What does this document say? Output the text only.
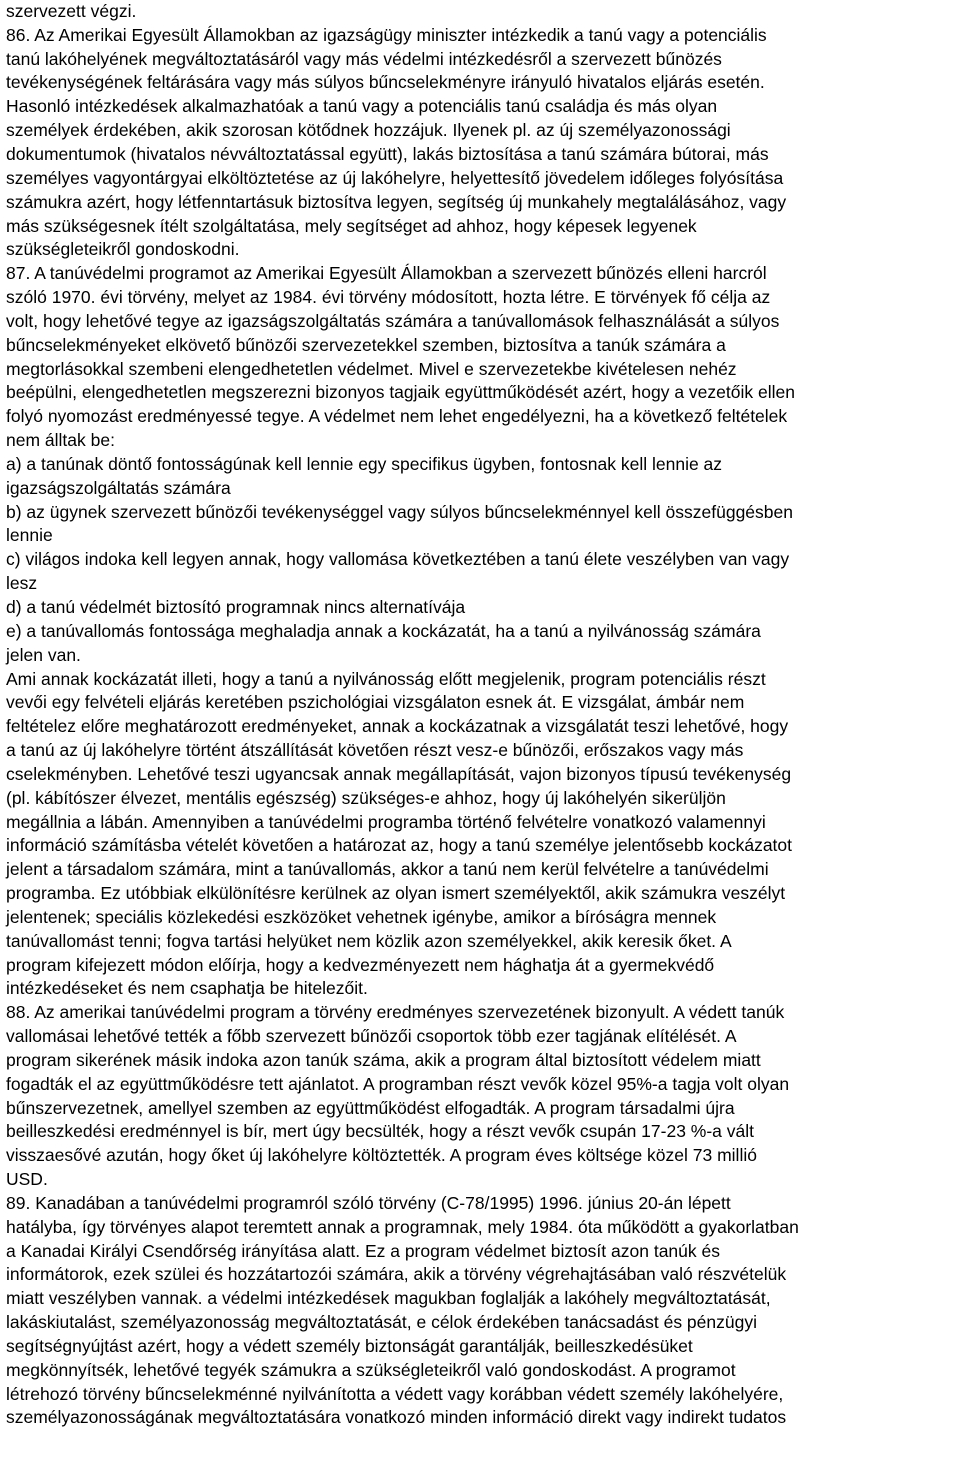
szervezett végzi.
86. Az Amerikai Egyesült Államokban az igazságügy miniszter intézkedik a tanú vagy a potenciális
tanú lakóhelyének megváltoztatásáról vagy más védelmi intézkedésről a szervezett bűnözés
tevékenységének feltárására vagy más súlyos bűncselekményre irányuló hivatalos eljárás esetén.
Hasonló intézkedések alkalmazhatóak a tanú vagy a potenciális tanú családja és más olyan
személyek érdekében, akik szorosan kötődnek hozzájuk. Ilyenek pl. az új személyazonossági
dokumentumok (hivatalos névváltoztatással együtt), lakás biztosítása a tanú számára bútorai, más
személyes vagyontárgyai elköltöztetése az új lakóhelyre, helyettesítő jövedelem időleges folyósítása
számukra azért, hogy létfenntartásuk biztosítva legyen, segítség új munkahely megtalálásához, vagy
más szükségesnek ítélt szolgáltatása, mely segítséget ad ahhoz, hogy képesek legyenek
szükségleteikről gondoskodni.
87. A tanúvédelmi programot az Amerikai Egyesült Államokban a szervezett bűnözés elleni harcról
szóló 1970. évi törvény, melyet az 1984. évi törvény módosított, hozta létre. E törvények fő célja az
volt, hogy lehetővé tegye az igazságszolgáltatás számára a tanúvallomások felhasználását a súlyos
bűncselekményeket elkövető bűnözői szervezetekkel szemben, biztosítva a tanúk számára a
megtorlásokkal szembeni elengedhetetlen védelmet. Mivel e szervezetekbe kivételesen nehéz
beépülni, elengedhetetlen megszerezni bizonyos tagjaik együttműködését azért, hogy a vezetőik ellen
folyó nyomozást eredményessé tegye. A védelmet nem lehet engedélyezni, ha a következő feltételek
nem álltak be:
a) a tanúnak döntő fontosságúnak kell lennie egy specifikus ügyben, fontosnak kell lennie az
igazságszolgáltatás számára
b) az ügynek szervezett bűnözői tevékenységgel vagy súlyos bűncselekménnyel kell összefüggésben
lennie
c) világos indoka kell legyen annak, hogy vallomása következtében a tanú élete veszélyben van vagy
lesz
d) a tanú védelmét biztosító programnak nincs alternatívája
e) a tanúvallomás fontossága meghaladja annak a kockázatát, ha a tanú a nyilvánosság számára
jelen van.
Ami annak kockázatát illeti, hogy a tanú a nyilvánosság előtt megjelenik, program potenciális részt
vevői egy felvételi eljárás keretében pszichológiai vizsgálaton esnek át. E vizsgálat, ámbár nem
feltételez előre meghatározott eredményeket, annak a kockázatnak a vizsgálatát teszi lehetővé, hogy
a tanú az új lakóhelyre történt átszállítását követően részt vesz-e bűnözői, erőszakos vagy más
cselekményben. Lehetővé teszi ugyancsak annak megállapítását, vajon bizonyos típusú tevékenység
(pl. kábítószer élvezet, mentális egészség) szükséges-e ahhoz, hogy új lakóhelyén sikerüljön
megállnia a lábán. Amennyiben a tanúvédelmi programba történő felvételre vonatkozó valamennyi
információ számításba vételét követően a határozat az, hogy a tanú személye jelentősebb kockázatot
jelent a társadalom számára, mint a tanúvallomás, akkor a tanú nem kerül felvételre a tanúvédelmi
programba. Ez utóbbiak elkülönítésre kerülnek az olyan ismert személyektől, akik számukra veszélyt
jelentenek; speciális közlekedési eszközöket vehetnek igénybe, amikor a bíróságra mennek
tanúvallomást tenni; fogva tartási helyüket nem közlik azon személyekkel, akik keresik őket. A
program kifejezett módon előírja, hogy a kedvezményezett nem hághatja át a gyermekvédő
intézkedéseket és nem csaphatja be hitelezőit.
88. Az amerikai tanúvédelmi program a törvény eredményes szervezetének bizonyult. A védett tanúk
vallomásai lehetővé tették a főbb szervezett bűnözői csoportok több ezer tagjának elítélését. A
program sikerének másik indoka azon tanúk száma, akik a program által biztosított védelem miatt
fogadták el az együttműködésre tett ajánlatot. A programban részt vevők közel 95%-a tagja volt olyan
bűnszervezetnek, amellyel szemben az együttműködést elfogadták. A program társadalmi újra
beilleszkedési eredménnyel is bír, mert úgy becsülték, hogy a részt vevők csupán 17-23 %-a vált
visszaesővé azután, hogy őket új lakóhelyre költöztették. A program éves költsége közel 73 millió
USD.
89. Kanadában a tanúvédelmi programról szóló törvény (C-78/1995) 1996. június 20-án lépett
hatályba, így törvényes alapot teremtett annak a programnak, mely 1984. óta működött a gyakorlatban
a Kanadai Királyi Csendőrség irányítása alatt. Ez a program védelmet biztosít azon tanúk és
informátorok, ezek szülei és hozzátartozói számára, akik a törvény végrehajtásában való részvételük
miatt veszélyben vannak. a védelmi intézkedések magukban foglalják a lakóhely megváltoztatását,
lakáskiutalást, személyazonosság megváltoztatását, e célok érdekében tanácsadást és pénzügyi
segítségnyújtást azért, hogy a védett személy biztonságát garantálják, beilleszkedésüket
megkönnyítsék, lehetővé tegyék számukra a szükségleteikről való gondoskodást. A programot
létrehozó törvény bűncselekménné nyilvánította a védett vagy korábban védett személy lakóhelyére,
személyazonosságának megváltoztatására vonatkozó minden információ direkt vagy indirekt tudatos
